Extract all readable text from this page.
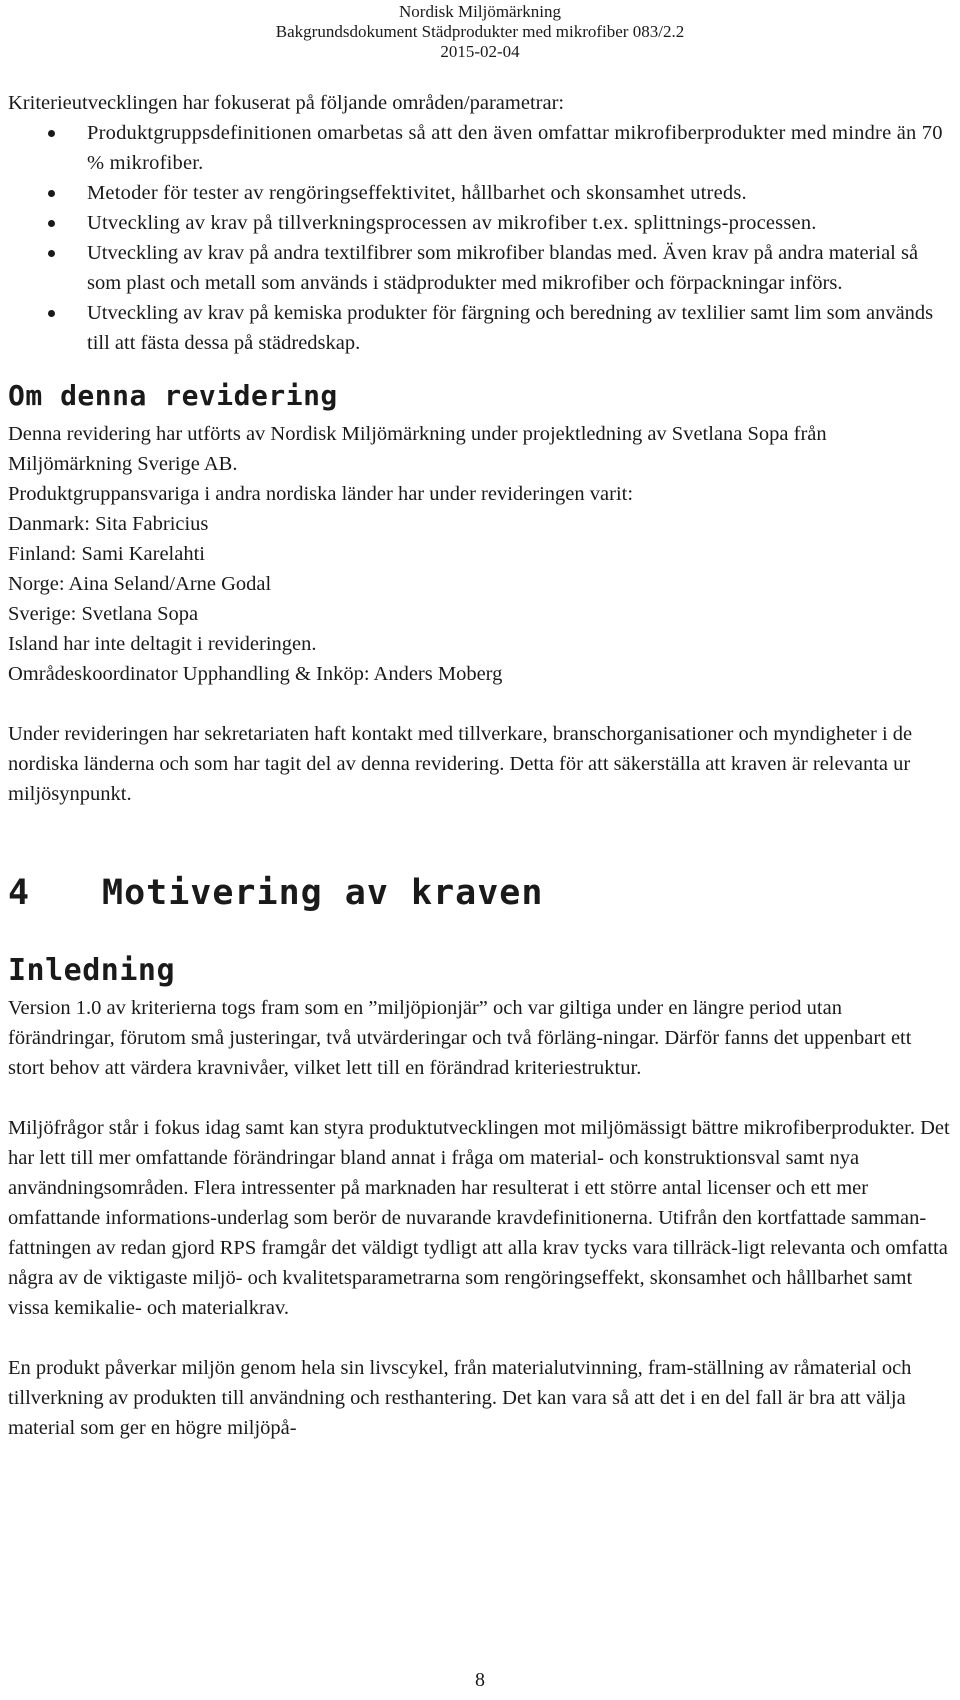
Nordisk Miljömärkning
Bakgrundsdokument Städprodukter med mikrofiber 083/2.2
2015-02-04

Kriterieutvecklingen har fokuserat på följande områden/parametrar:

Produktgruppsdefinitionen omarbetas så att den även omfattar mikrofiberprodukter med mindre än 70 % mikrofiber.
Metoder för tester av rengöringseffektivitet, hållbarhet och skonsamhet utreds.
Utveckling av krav på tillverkningsprocessen av mikrofiber t.ex. splittnings-processen.
Utveckling av krav på andra textilfibrer som mikrofiber blandas med. Även krav på andra material så som plast och metall som används i städprodukter med mikrofiber och förpackningar införs.
Utveckling av krav på kemiska produkter för färgning och beredning av texlilier samt lim som används till att fästa dessa på städredskap.
Om denna revidering

Denna revidering har utförts av Nordisk Miljömärkning under projektledning av Svetlana Sopa från Miljömärkning Sverige AB.

Produktgruppansvariga i andra nordiska länder har under revideringen varit:

Danmark: Sita Fabricius

Finland: Sami Karelahti

Norge: Aina Seland/Arne Godal

Sverige: Svetlana Sopa

Island har inte deltagit i revideringen.

Områdeskoordinator Upphandling & Inköp: Anders Moberg

Under revideringen har sekretariaten haft kontakt med tillverkare, branschorganisationer och myndigheter i de nordiska länderna och som har tagit del av denna revidering. Detta för att säkerställa att kraven är relevanta ur miljösynpunkt.

4 Motivering av kraven
Inledning

Version 1.0 av kriterierna togs fram som en ”miljöpionjär” och var giltiga under en längre period utan förändringar, förutom små justeringar, två utvärderingar och två förläng-ningar. Därför fanns det uppenbart ett stort behov att värdera kravnivåer, vilket lett till en förändrad kriteriestruktur.

Miljöfrågor står i fokus idag samt kan styra produktutvecklingen mot miljömässigt bättre mikrofiberprodukter. Det har lett till mer omfattande förändringar bland annat i fråga om material- och konstruktionsval samt nya användningsområden. Flera intressenter på marknaden har resulterat i ett större antal licenser och ett mer omfattande informations-underlag som berör de nuvarande kravdefinitionerna. Utifrån den kortfattade samman-fattningen av redan gjord RPS framgår det väldigt tydligt att alla krav tycks vara tillräck-ligt relevanta och omfatta några av de viktigaste miljö- och kvalitetsparametrarna som rengöringseffekt, skonsamhet och hållbarhet samt vissa kemikalie- och materialkrav.

En produkt påverkar miljön genom hela sin livscykel, från materialutvinning, fram-ställning av råmaterial och tillverkning av produkten till användning och resthantering. Det kan vara så att det i en del fall är bra att välja material som ger en högre miljöpå-

8
